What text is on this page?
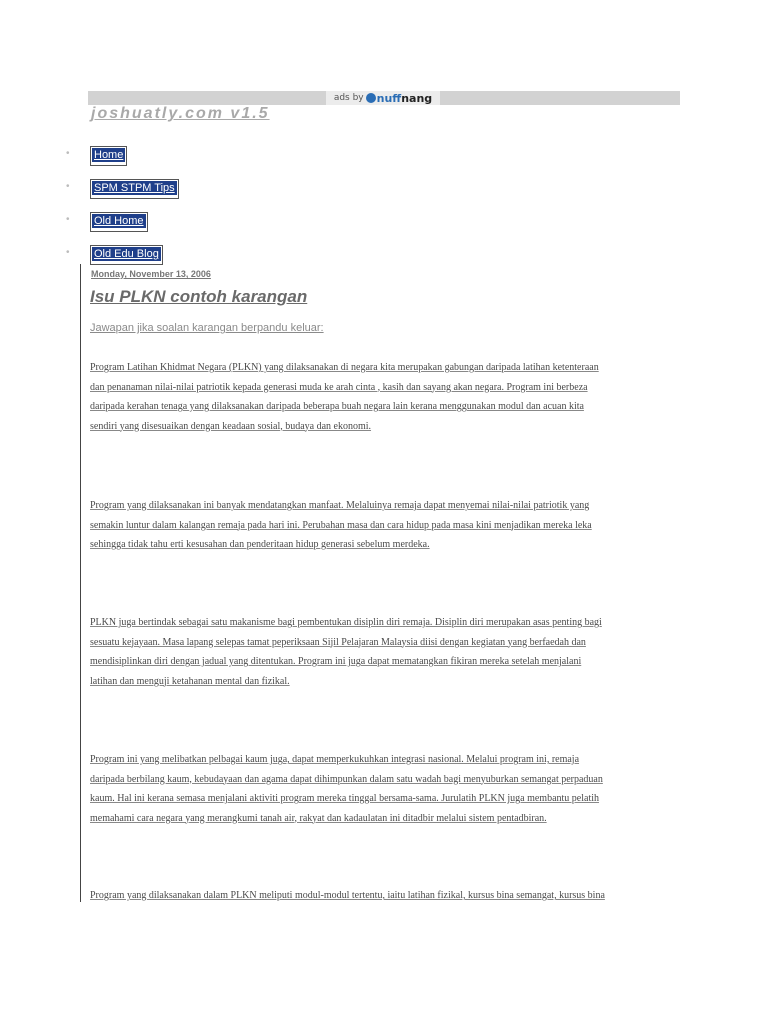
ads by nuff nang
joshuatly.com v1.5
• Home
• SPM STPM Tips
• Old Home
• Old Edu Blog
Monday, November 13, 2006
Isu PLKN contoh karangan
Jawapan jika soalan karangan berpandu keluar:
Program Latihan Khidmat Negara (PLKN) yang dilaksanakan di negara kita merupakan gabungan daripada latihan ketenteraan
dan penanaman nilai-nilai patriotik kepada generasi muda ke arah cinta , kasih dan sayang akan negara. Program ini berbeza
daripada kerahan tenaga yang dilaksanakan daripada beberapa buah negara lain kerana menggunakan modul dan acuan kita
sendiri yang disesuaikan dengan keadaan sosial, budaya dan ekonomi.
Program yang dilaksanakan ini banyak mendatangkan manfaat. Melaluinya remaja dapat menyemai nilai-nilai patriotik yang
semakin luntur dalam kalangan remaja pada hari ini. Perubahan masa dan cara hidup pada masa kini menjadikan mereka leka
sehingga tidak tahu erti kesusahan dan penderitaan hidup generasi sebelum merdeka.
PLKN juga bertindak sebagai satu makanisme bagi pembentukan disiplin diri remaja. Disiplin diri merupakan asas penting bagi
sesuatu kejayaan. Masa lapang selepas tamat peperiksaan Sijil Pelajaran Malaysia diisi dengan kegiatan yang berfaedah dan
mendisiplinkan diri dengan jadual yang ditentukan. Program ini juga dapat mematangkan fikiran mereka setelah menjalani
latihan dan menguji ketahanan mental dan fizikal.
Program ini yang melibatkan pelbagai kaum juga, dapat memperkukuhkan integrasi nasional. Melalui program ini, remaja
daripada berbilang kaum, kebudayaan dan agama dapat dihimpunkan dalam satu wadah bagi menyuburkan semangat perpaduan
kaum. Hal ini kerana semasa menjalani aktiviti program mereka tinggal bersama-sama. Jurulatih PLKN juga membantu pelatih
memahami cara negara yang merangkumi tanah air, rakyat dan kadaulatan ini ditadbir melalui sistem pentadbiran.
Program yang dilaksanakan dalam PLKN meliputi modul-modul tertentu, iaitu latihan fizikal, kursus bina semangat, kursus bina
